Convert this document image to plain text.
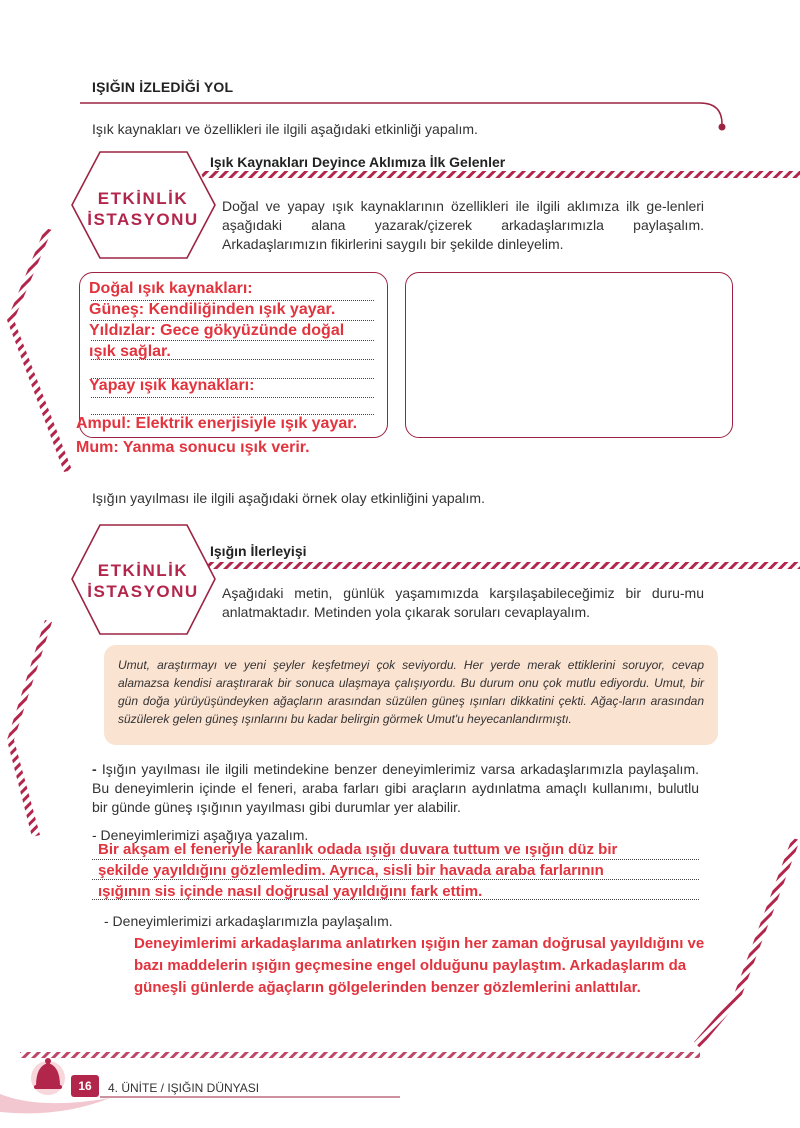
IŞIĞIN İZLEDİĞİ YOL
Işık kaynakları ve özellikleri ile ilgili aşağıdaki etkinliği yapalım.
ETKİNLİK
İSTASYONU
Işık Kaynakları Deyince Aklımıza İlk Gelenler
Doğal ve yapay ışık kaynaklarının özellikleri ile ilgili aklımıza ilk ge-lenleri aşağıdaki alana yazarak/çizerek arkadaşlarımızla paylaşalım. Arkadaşlarımızın fikirlerini saygılı bir şekilde dinleyelim.
Doğal ışık kaynakları:
Güneş: Kendiliğinden ışık yayar.
Yıldızlar: Gece gökyüzünde doğal
ışık sağlar.
Yapay ışık kaynakları:
Ampul: Elektrik enerjisiyle ışık yayar.
Mum: Yanma sonucu ışık verir.
Işığın yayılması ile ilgili aşağıdaki örnek olay etkinliğini yapalım.
ETKİNLİK
İSTASYONU
Işığın İlerleyişi
Aşağıdaki metin, günlük yaşamımızda karşılaşabileceğimiz bir duru-mu anlatmaktadır. Metinden yola çıkarak soruları cevaplayalım.
Umut, araştırmayı ve yeni şeyler keşfetmeyi çok seviyordu. Her yerde merak ettiklerini soruyor, cevap alamazsa kendisi araştırarak bir sonuca ulaşmaya çalışıyordu. Bu durum onu çok mutlu ediyordu. Umut, bir gün doğa yürüyüşündeyken ağaçların arasından süzülen güneş ışınları dikkatini çekti. Ağaç-ların arasından süzülerek gelen güneş ışınlarını bu kadar belirgin görmek Umut'u heyecanlandırmıştı.
- Işığın yayılması ile ilgili metindekine benzer deneyimlerimiz varsa arkadaşlarımızla paylaşalım. Bu deneyimlerin içinde el feneri, araba farları gibi araçların aydınlatma amaçlı kullanımı, bulutlu bir günde güneş ışığının yayılması gibi durumlar yer alabilir.
- Deneyimlerimizi aşağıya yazalım.
Bir akşam el feneriyle karanlık odada ışığı duvara tuttum ve ışığın düz bir
şekilde yayıldığını gözlemledim. Ayrıca, sisli bir havada araba farlarının
ışığının sis içinde nasıl doğrusal yayıldığını fark ettim.
- Deneyimlerimizi arkadaşlarımızla paylaşalım.
Deneyimlerimi arkadaşlarıma anlatırken ışığın her zaman doğrusal yayıldığını ve
bazı maddelerin ışığın geçmesine engel olduğunu paylaştım. Arkadaşlarım da
güneşli günlerde ağaçların gölgelerinden benzer gözlemlerini anlattılar.
16	4. ÜNİTE / IŞIĞIN DÜNYASI
